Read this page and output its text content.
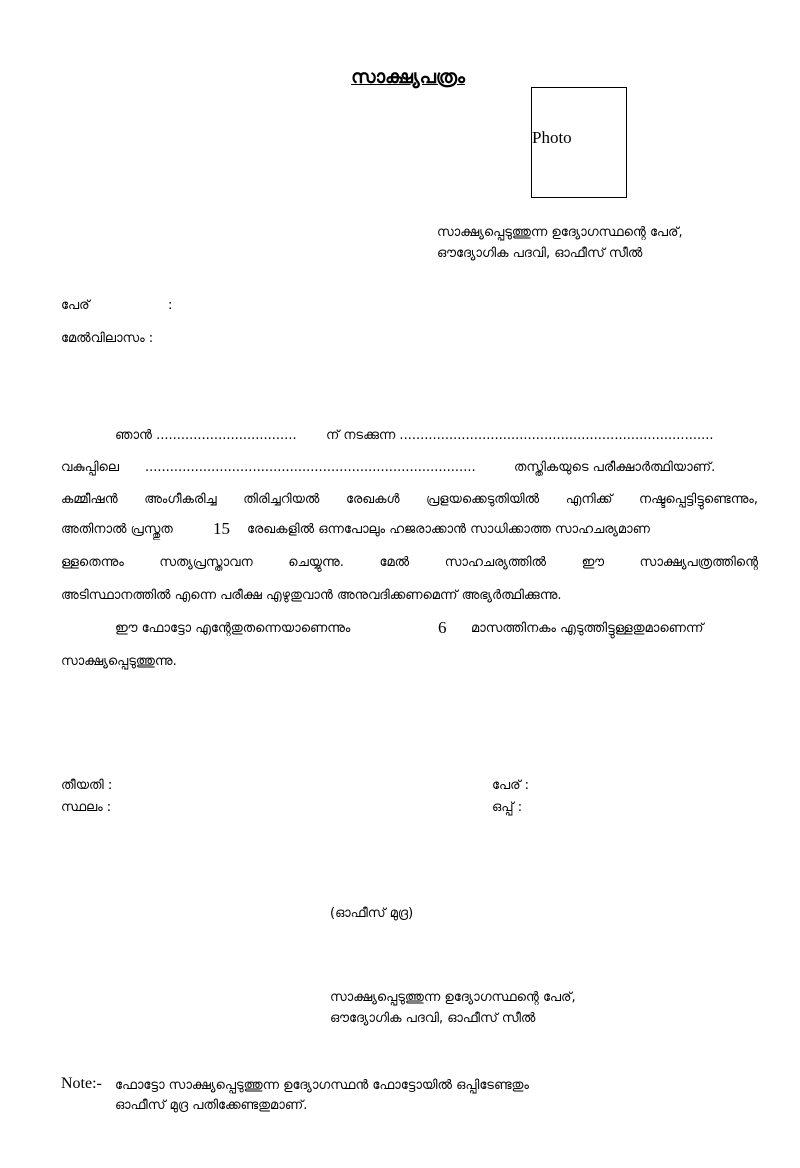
സാക്ഷ്യപത്രം
Photo
സാക്ഷ്യപ്പെടുത്തുന്ന ഉദ്യോഗസ്ഥന്റെ പേര്,
ഔദ്യോഗിക പദവി, ഓഫീസ് സീൽ
പേര്	:
മേൽവിലാസം :
ഞാൻ .................................. ന് നടക്കുന്ന ............................................................................
വകുപ്പിലെ ................................................................................	തസ്തികയുടെ പരീക്ഷാർത്ഥിയാണ്.
കമ്മീഷൻ അംഗീകരിച്ച തിരിച്ചറിയൽ രേഖകൾ പ്രളയക്കെടുതിയിൽ എനിക്ക് നഷ്ടപ്പെട്ടിട്ടുണ്ടെന്നും,
അതിനാൽ പ്രസ്തുത 15 രേഖകളിൽ ഒന്നപോലും ഹജരാക്കാൻ സാധിക്കാത്ത സാഹചര്യമാണ
ള്ളതെന്നും സത്യപ്രസ്താവന ചെയ്യുന്നു. മേൽ സാഹചര്യത്തിൽ ഈ സാക്ഷ്യപത്രത്തിന്റെ
അടിസ്ഥാനത്തിൽ എന്നെ പരീക്ഷ എഴുതുവാൻ അനുവദിക്കണമെന്ന് അഭ്യർത്ഥിക്കുന്നു.
ഈ ഫോട്ടോ എന്റേതുതന്നെയാണെന്നും	6 മാസത്തിനകം എടുത്തിട്ടുള്ളതുമാണെന്ന്
സാക്ഷ്യപ്പെടുത്തുന്നു.
തീയതി :
സ്ഥലം :
പേര് :
ഒപ്പ് :
(ഓഫീസ് മുദ്ര)
സാക്ഷ്യപ്പെടുത്തുന്ന ഉദ്യോഗസ്ഥന്റെ പേര്,
ഔദ്യോഗിക പദവി, ഓഫീസ് സീൽ
Note:- ഫോട്ടോ സാക്ഷ്യപ്പെടുത്തുന്ന ഉദ്യോഗസ്ഥൻ ഫോട്ടോയിൽ ഒപ്പിടേണ്ടതും
ഓഫീസ് മുദ്ര പതിക്കേണ്ടതുമാണ്.
